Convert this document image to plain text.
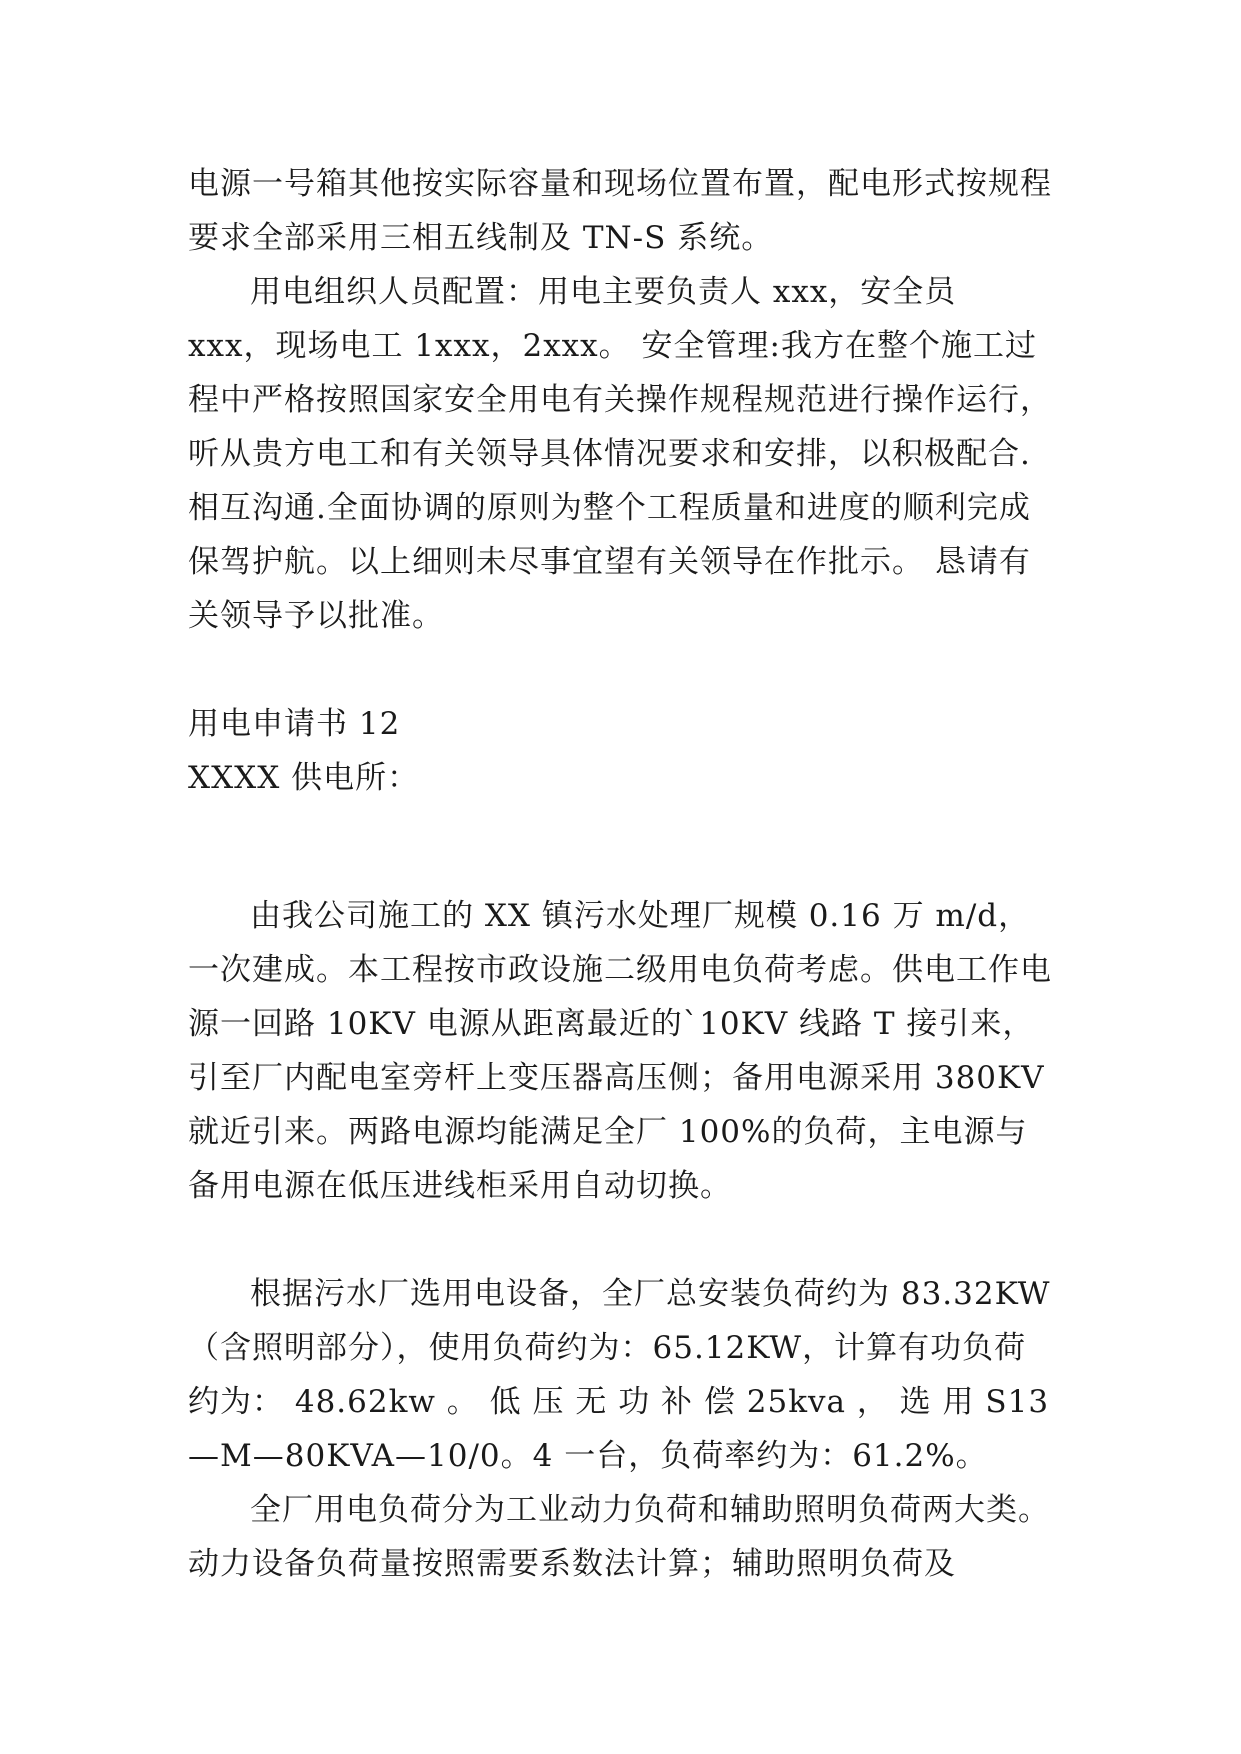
电源一号箱其他按实际容量和现场位置布置，配电形式按规程要求全部采用三相五线制及 TN-S 系统。

用电组织人员配置：用电主要负责人 xxx，安全员 xxx，现场电工 1xxx，2xxx。 安全管理:我方在整个施工过程中严格按照国家安全用电有关操作规程规范进行操作运行，听从贵方电工和有关领导具体情况要求和安排，以积极配合.相互沟通.全面协调的原则为整个工程质量和进度的顺利完成保驾护航。以上细则未尽事宜望有关领导在作批示。 恳请有关领导予以批准。

用电申请书 12

XXXX 供电所：

由我公司施工的 XX 镇污水处理厂规模 0.16 万 m/d，一次建成。本工程按市政设施二级用电负荷考虑。供电工作电源一回路 10KV 电源从距离最近的`10KV 线路 T 接引来，引至厂内配电室旁杆上变压器高压侧；备用电源采用 380KV 就近引来。两路电源均能满足全厂 100%的负荷，主电源与备用电源在低压进线柜采用自动切换。

根据污水厂选用电设备，全厂总安装负荷约为 83.32KW（含照明部分），使用负荷约为：65.12KW，计算有功负荷约为： 48.62kw 。 低 压 无 功 补 偿 25kva ， 选 用 S13—M—80KVA—10/0。4 一台，负荷率约为：61.2%。

全厂用电负荷分为工业动力负荷和辅助照明负荷两大类。动力设备负荷量按照需要系数法计算；辅助照明负荷及
